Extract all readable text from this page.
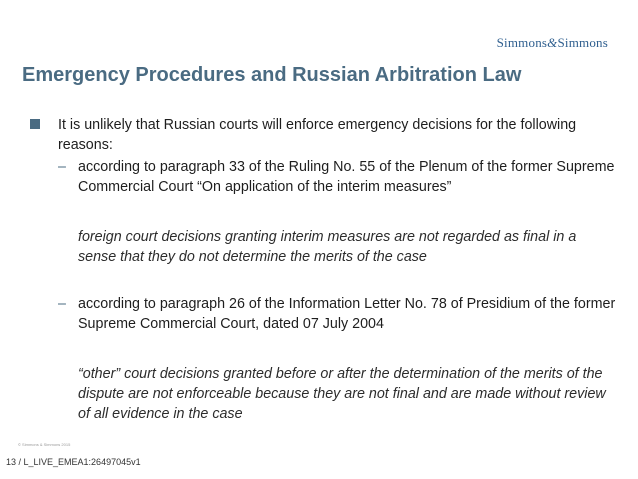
Simmons&Simmons
Emergency Procedures and Russian Arbitration Law
It is unlikely that Russian courts will enforce emergency decisions for the following reasons:
– according to paragraph 33 of the Ruling No. 55 of the Plenum of the former Supreme Commercial Court “On application of the interim measures”
foreign court decisions granting interim measures are not regarded as final in a sense that they do not determine the merits of the case
– according to paragraph 26 of the Information Letter No. 78 of Presidium of the former Supreme Commercial Court, dated 07 July 2004
“other” court decisions granted before or after the determination of the merits of the dispute are not enforceable because they are not final and are made without review of all evidence in the case
© Simmons & Simmons 2015
13 / L_LIVE_EMEA1:26497045v1
